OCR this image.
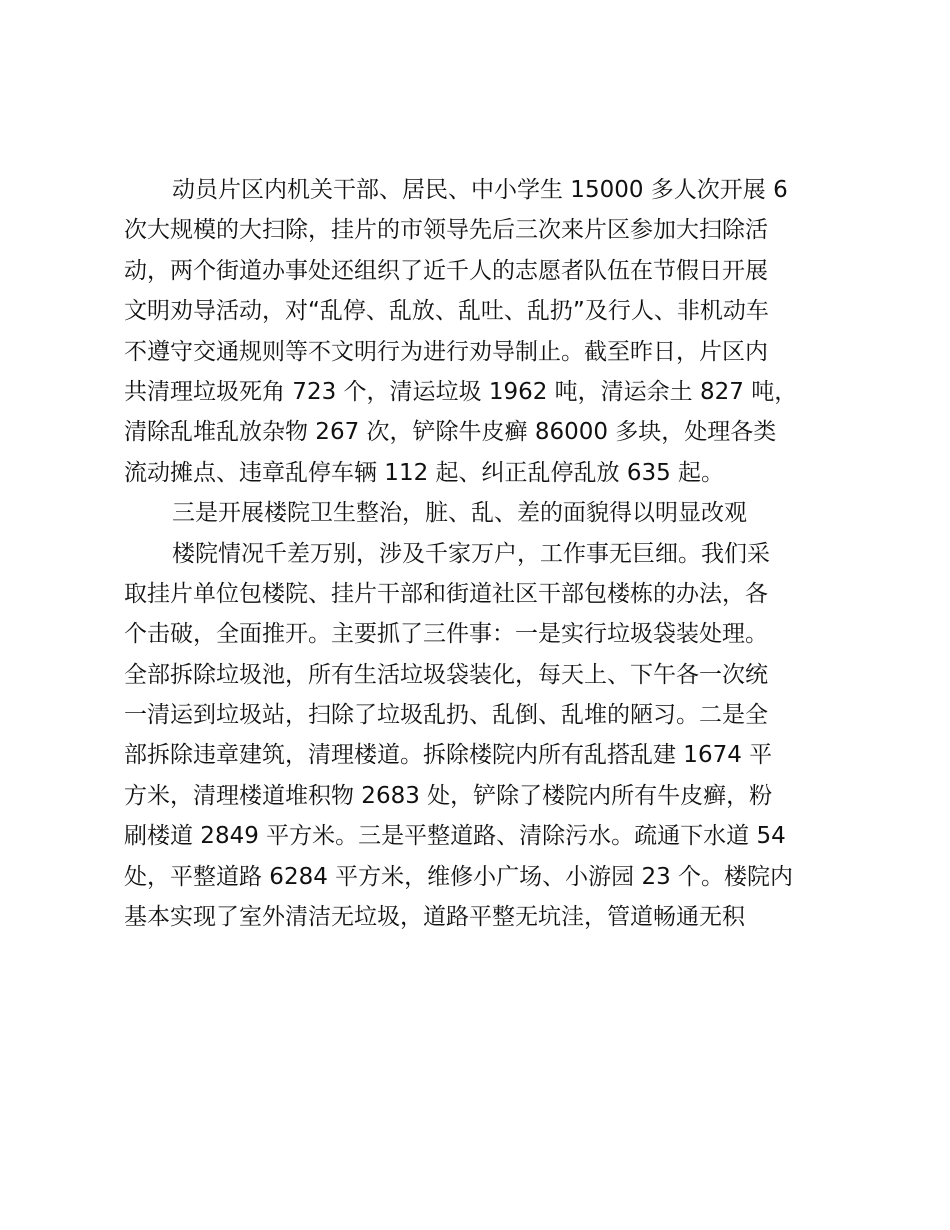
动员片区内机关干部、居民、中小学生 15000 多人次开展 6
次大规模的大扫除，挂片的市领导先后三次来片区参加大扫除活
动，两个街道办事处还组织了近千人的志愿者队伍在节假日开展
文明劝导活动，对“乱停、乱放、乱吐、乱扔”及行人、非机动车
不遵守交通规则等不文明行为进行劝导制止。截至昨日，片区内
共清理垃圾死角 723 个，清运垃圾 1962 吨，清运余土 827 吨，
清除乱堆乱放杂物 267 次，铲除牛皮癣 86000 多块，处理各类
流动摊点、违章乱停车辆 112 起、纠正乱停乱放 635 起。
三是开展楼院卫生整治，脏、乱、差的面貌得以明显改观
楼院情况千差万别，涉及千家万户，工作事无巨细。我们采
取挂片单位包楼院、挂片干部和街道社区干部包楼栋的办法，各
个击破，全面推开。主要抓了三件事：一是实行垃圾袋装处理。
全部拆除垃圾池，所有生活垃圾袋装化，每天上、下午各一次统
一清运到垃圾站，扫除了垃圾乱扔、乱倒、乱堆的陋习。二是全
部拆除违章建筑，清理楼道。拆除楼院内所有乱搭乱建 1674 平
方米，清理楼道堆积物 2683 处，铲除了楼院内所有牛皮癣，粉
刷楼道 2849 平方米。三是平整道路、清除污水。疏通下水道 54
处，平整道路 6284 平方米，维修小广场、小游园 23 个。楼院内
基本实现了室外清洁无垃圾，道路平整无坑洼，管道畅通无积
